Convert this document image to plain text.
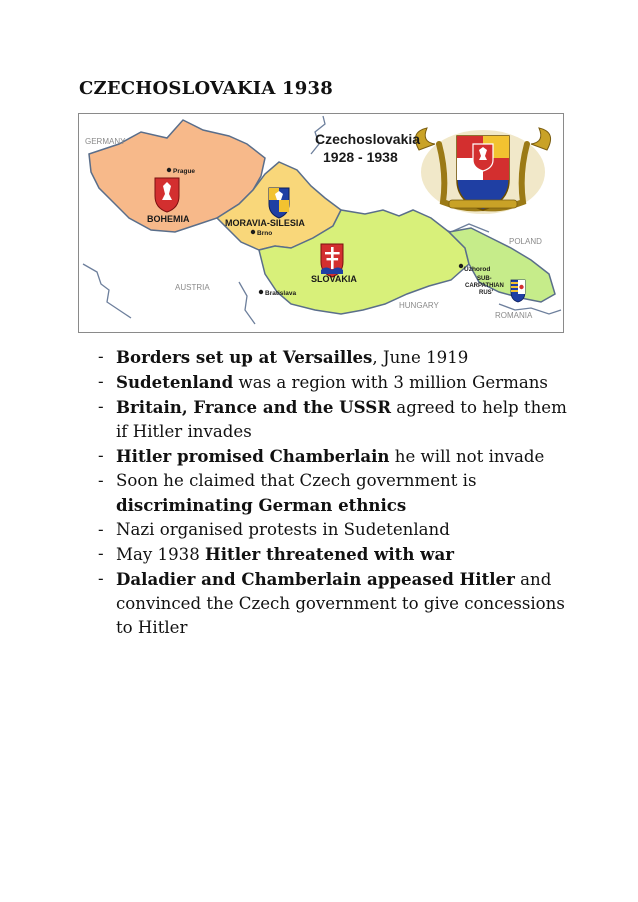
CZECHOSLOVAKIA 1938
Czechoslovakia
1928 - 1938
GERMANY
POLAND
AUSTRIA
HUNGARY
ROMANIA
BOHEMIA	MORAVIA-SILESIA
SLOVAKIA	SUB-
CARPATHIAN
RUS'
Prague
Brno
Bratislava
Uzhorod
- Borders set up at Versailles, June 1919
- Sudetenland was a region with 3 million Germans
- Britain, France and the USSR agreed to help them if Hitler invades
- Hitler promised Chamberlain he will not invade
- Soon he claimed that Czech government is discriminating German ethnics
- Nazi organised protests in Sudetenland
- May 1938 Hitler threatened with war
- Daladier and Chamberlain appeased Hitler and convinced the Czech government to give concessions to Hitler
